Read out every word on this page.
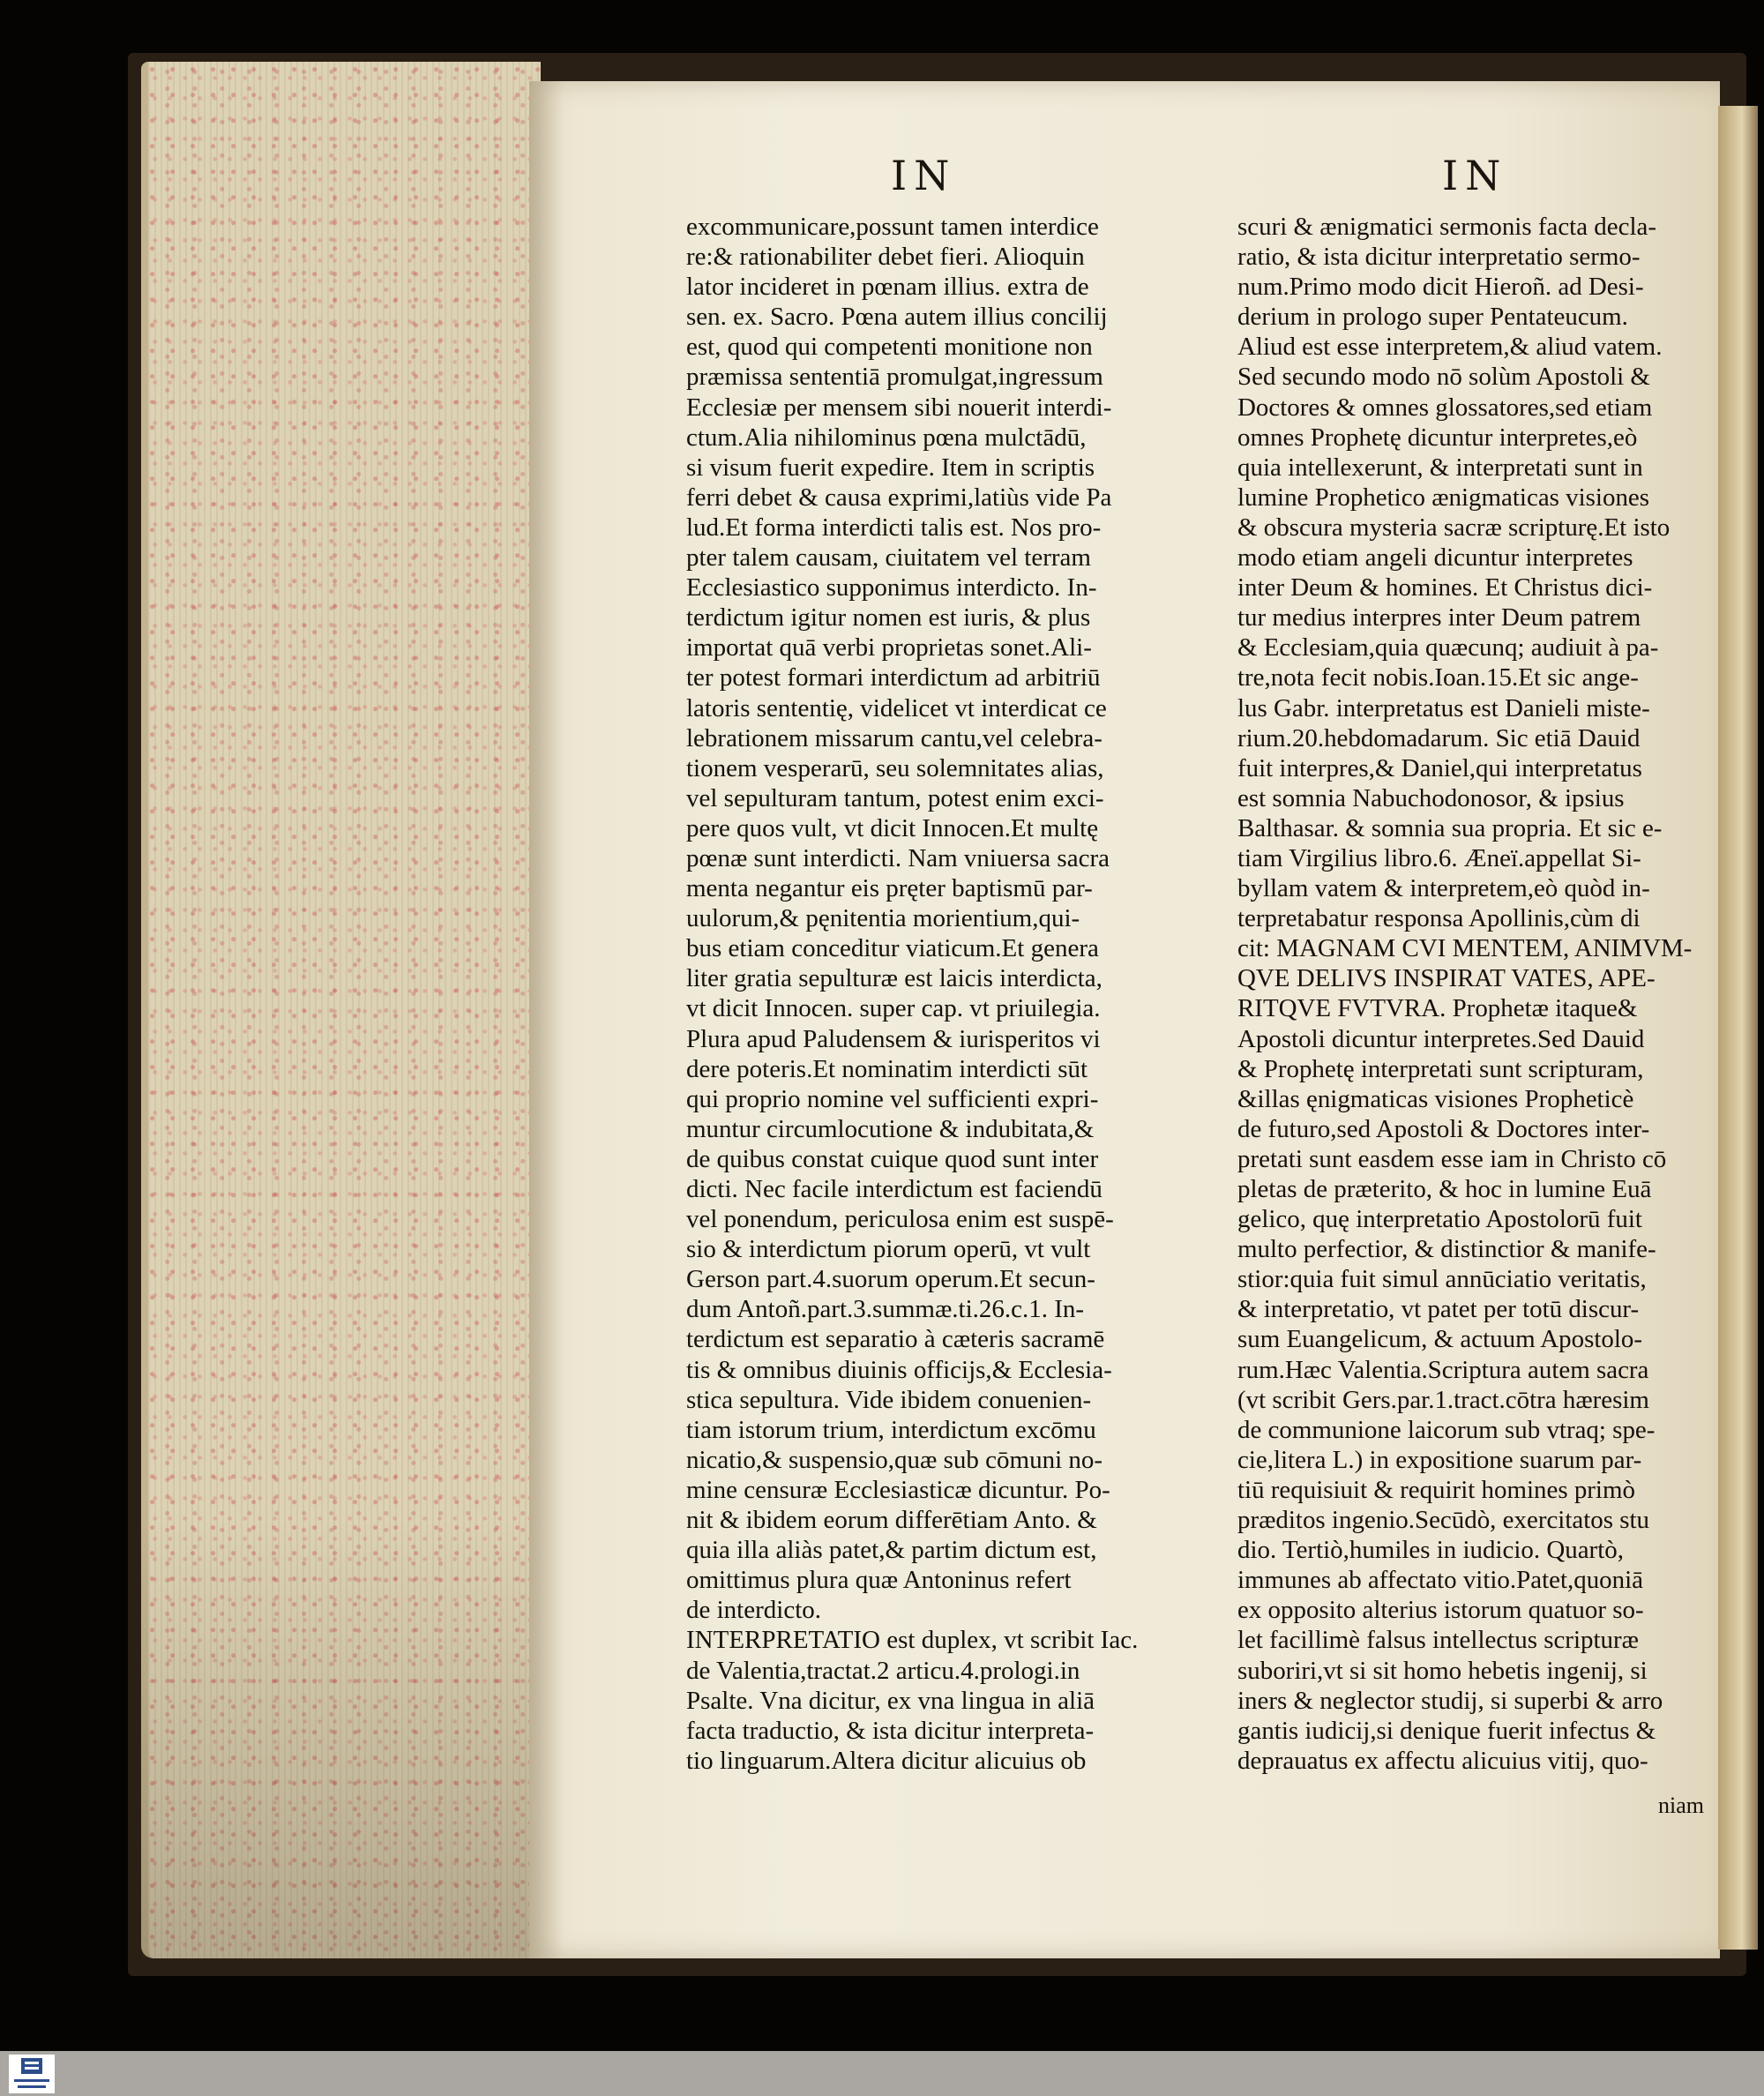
IN	IN
excommunicare,possunt tamen interdice
re:& rationabiliter debet fieri. Alioquin
lator incideret in pœnam illius. extra de
sen. ex. Sacro. Pœna autem illius concilij
est, quod qui competenti monitione non
præmissa sententiā promulgat,ingressum
Ecclesiæ per mensem sibi nouerit interdi-
ctum.Alia nihilominus pœna mulctādū,
si visum fuerit expedire. Item in scriptis
ferri debet & causa exprimi,latiùs vide Pa
lud.Et forma interdicti talis est. Nos pro-
pter talem causam, ciuitatem vel terram
Ecclesiastico supponimus interdicto. In-
terdictum igitur nomen est iuris, & plus
importat quā verbi proprietas sonet.Ali-
ter potest formari interdictum ad arbitriū
latoris sententię, videlicet vt interdicat ce
lebrationem missarum cantu,vel celebra-
tionem vesperarū, seu solemnitates alias,
vel sepulturam tantum, potest enim exci-
pere quos vult, vt dicit Innocen.Et multę
pœnæ sunt interdicti. Nam vniuersa sacra
menta negantur eis pręter baptismū par-
uulorum,& pęnitentia morientium,qui-
bus etiam conceditur viaticum.Et genera
liter gratia sepulturæ est laicis interdicta,
vt dicit Innocen. super cap. vt priuilegia.
Plura apud Paludensem & iurisperitos vi
dere poteris.Et nominatim interdicti sūt
qui proprio nomine vel sufficienti expri-
muntur circumlocutione & indubitata,&
de quibus constat cuique quod sunt inter
dicti. Nec facile interdictum est faciendū
vel ponendum, periculosa enim est suspē-
sio & interdictum piorum operū, vt vult
Gerson part.4.suorum operum.Et secun-
dum Antoñ.part.3.summæ.ti.26.c.1. In-
terdictum est separatio à cæteris sacramē
tis & omnibus diuinis officijs,& Ecclesia-
stica sepultura. Vide ibidem conuenien-
tiam istorum trium, interdictum excōmu
nicatio,& suspensio,quæ sub cōmuni no-
mine censuræ Ecclesiasticæ dicuntur. Po-
nit & ibidem eorum differētiam Anto. &
quia illa aliàs patet,& partim dictum est,
omittimus plura quæ Antoninus refert
de interdicto.
INTERPRETATIO est duplex, vt scribit Iac.
de Valentia,tractat.2 articu.4.prologi.in
Psalte. Vna dicitur, ex vna lingua in aliā
facta traductio, & ista dicitur interpreta-
tio linguarum.Altera dicitur alicuius ob
scuri & ænigmatici sermonis facta decla-
ratio, & ista dicitur interpretatio sermo-
num.Primo modo dicit Hieroñ. ad Desi-
derium in prologo super Pentateucum.
Aliud est esse interpretem,& aliud vatem.
Sed secundo modo nō solùm Apostoli &
Doctores & omnes glossatores,sed etiam
omnes Prophetę dicuntur interpretes,eò
quia intellexerunt, & interpretati sunt in
lumine Prophetico ænigmaticas visiones
& obscura mysteria sacræ scripturę.Et isto
modo etiam angeli dicuntur interpretes
inter Deum & homines. Et Christus dici-
tur medius interpres inter Deum patrem
& Ecclesiam,quia quæcunq; audiuit à pa-
tre,nota fecit nobis.Ioan.15.Et sic ange-
lus Gabr. interpretatus est Danieli miste-
rium.20.hebdomadarum. Sic etiā Dauid
fuit interpres,& Daniel,qui interpretatus
est somnia Nabuchodonosor, & ipsius
Balthasar. & somnia sua propria. Et sic e-
tiam Virgilius libro.6. Æneï.appellat Si-
byllam vatem & interpretem,eò quòd in-
terpretabatur responsa Apollinis,cùm di
cit: MAGNAM CVI MENTEM, ANIMVM-
QVE DELIVS INSPIRAT VATES, APE-
RITQVE FVTVRA. Prophetæ itaque&
Apostoli dicuntur interpretes.Sed Dauid
& Prophetę interpretati sunt scripturam,
&illas ęnigmaticas visiones Propheticè
de futuro,sed Apostoli & Doctores inter-
pretati sunt easdem esse iam in Christo cō
pletas de præterito, & hoc in lumine Euā
gelico, quę interpretatio Apostolorū fuit
multo perfectior, & distinctior & manife-
stior:quia fuit simul annūciatio veritatis,
& interpretatio, vt patet per totū discur-
sum Euangelicum, & actuum Apostolo-
rum.Hæc Valentia.Scriptura autem sacra
(vt scribit Gers.par.1.tract.cōtra hæresim
de communione laicorum sub vtraq; spe-
cie,litera L.) in expositione suarum par-
tiū requisiuit & requirit homines primò
præditos ingenio.Secūdò, exercitatos stu
dio. Tertiò,humiles in iudicio. Quartò,
immunes ab affectato vitio.Patet,quoniā
ex opposito alterius istorum quatuor so-
let facillimè falsus intellectus scripturæ
suboriri,vt si sit homo hebetis ingenij, si
iners & neglector studij, si superbi & arro
gantis iudicij,si denique fuerit infectus &
deprauatus ex affectu alicuius vitij, quo-
niam
